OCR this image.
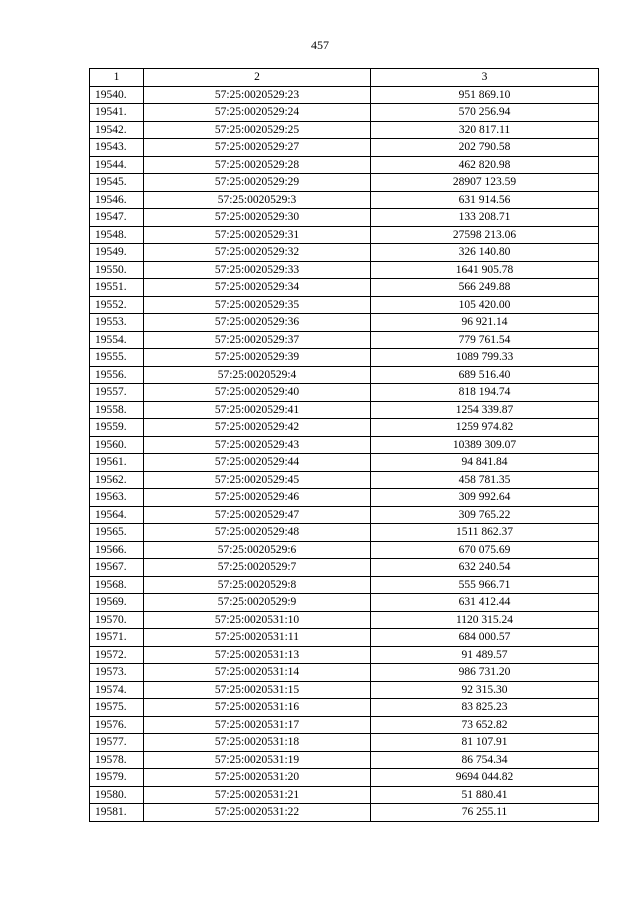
457
1	2	3
19540.	57:25:0020529:23	951 869.10
19541.	57:25:0020529:24	570 256.94
19542.	57:25:0020529:25	320 817.11
19543.	57:25:0020529:27	202 790.58
19544.	57:25:0020529:28	462 820.98
19545.	57:25:0020529:29	28907 123.59
19546.	57:25:0020529:3	631 914.56
19547.	57:25:0020529:30	133 208.71
19548.	57:25:0020529:31	27598 213.06
19549.	57:25:0020529:32	326 140.80
19550.	57:25:0020529:33	1641 905.78
19551.	57:25:0020529:34	566 249.88
19552.	57:25:0020529:35	105 420.00
19553.	57:25:0020529:36	96 921.14
19554.	57:25:0020529:37	779 761.54
19555.	57:25:0020529:39	1089 799.33
19556.	57:25:0020529:4	689 516.40
19557.	57:25:0020529:40	818 194.74
19558.	57:25:0020529:41	1254 339.87
19559.	57:25:0020529:42	1259 974.82
19560.	57:25:0020529:43	10389 309.07
19561.	57:25:0020529:44	94 841.84
19562.	57:25:0020529:45	458 781.35
19563.	57:25:0020529:46	309 992.64
19564.	57:25:0020529:47	309 765.22
19565.	57:25:0020529:48	1511 862.37
19566.	57:25:0020529:6	670 075.69
19567.	57:25:0020529:7	632 240.54
19568.	57:25:0020529:8	555 966.71
19569.	57:25:0020529:9	631 412.44
19570.	57:25:0020531:10	1120 315.24
19571.	57:25:0020531:11	684 000.57
19572.	57:25:0020531:13	91 489.57
19573.	57:25:0020531:14	986 731.20
19574.	57:25:0020531:15	92 315.30
19575.	57:25:0020531:16	83 825.23
19576.	57:25:0020531:17	73 652.82
19577.	57:25:0020531:18	81 107.91
19578.	57:25:0020531:19	86 754.34
19579.	57:25:0020531:20	9694 044.82
19580.	57:25:0020531:21	51 880.41
19581.	57:25:0020531:22	76 255.11
